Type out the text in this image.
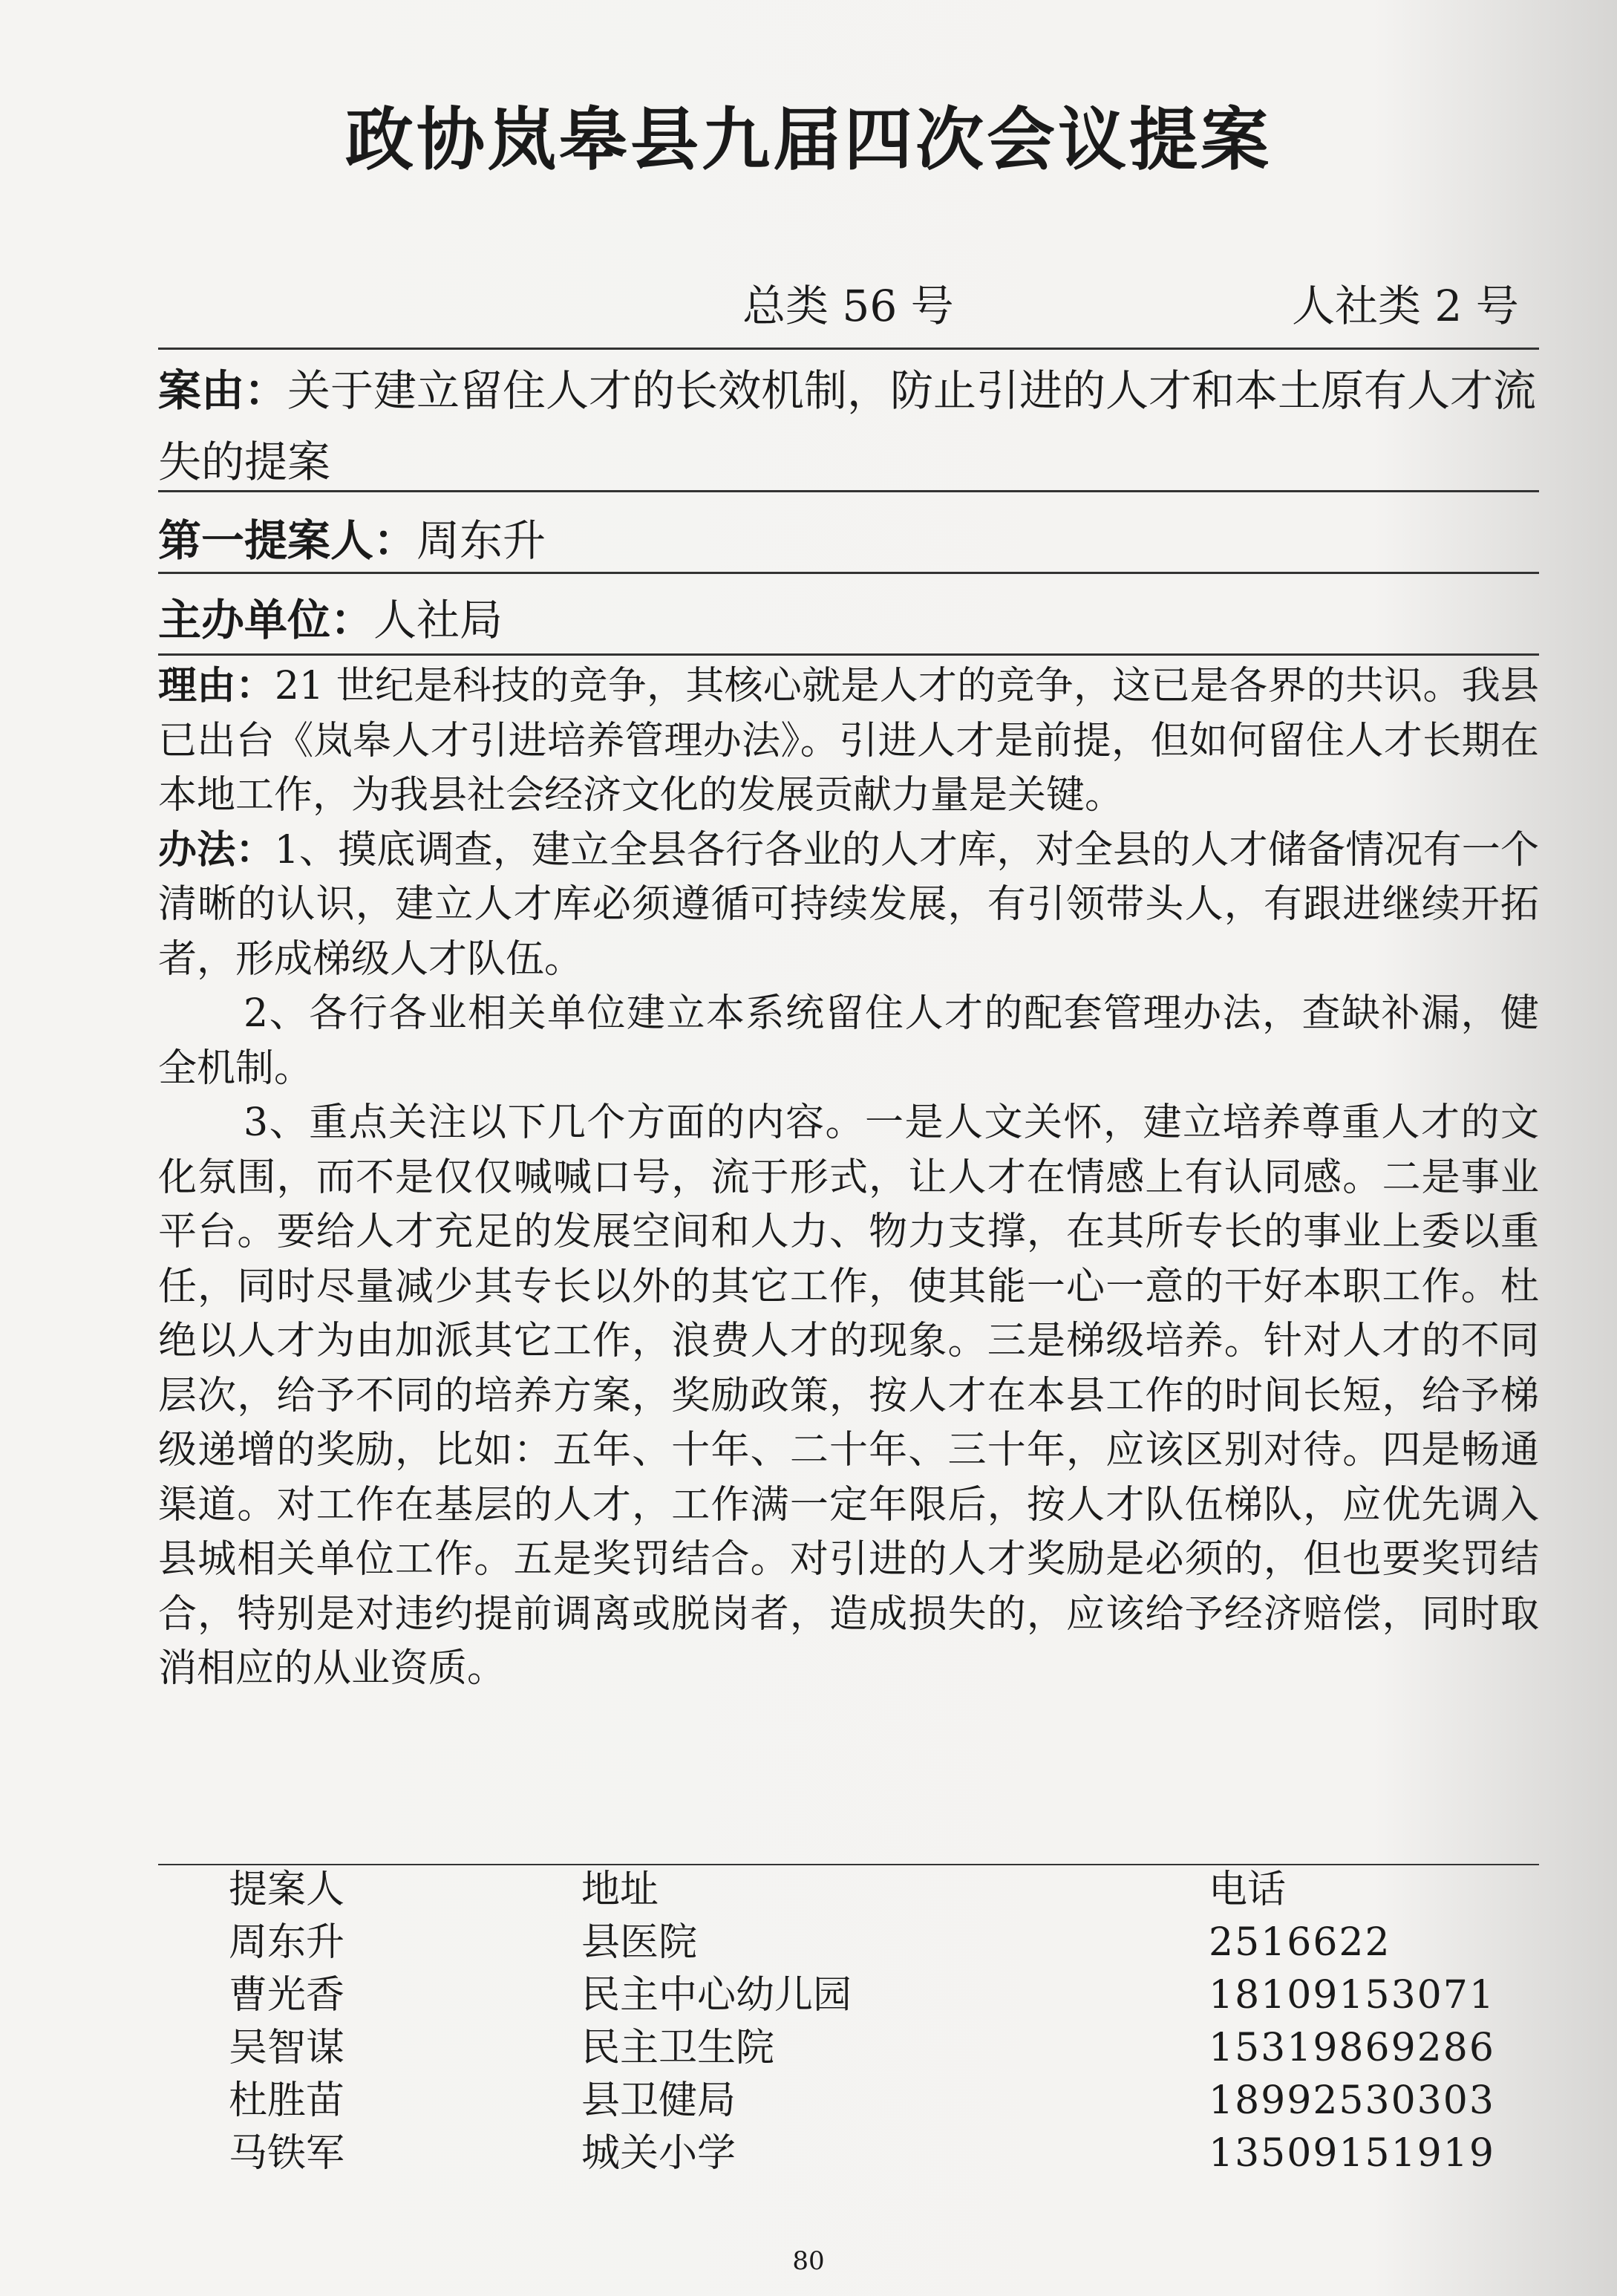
政协岚皋县九届四次会议提案
总类 56 号	人社类 2 号
案由：关于建立留住人才的长效机制，防止引进的人才和本土原有人才流失的提案
第一提案人：周东升
主办单位：人社局

理由：21 世纪是科技的竞争，其核心就是人才的竞争，这已是各界的共识。我县已出台《岚皋人才引进培养管理办法》。引进人才是前提，但如何留住人才长期在本地工作，为我县社会经济文化的发展贡献力量是关键。

办法：1、摸底调查，建立全县各行各业的人才库，对全县的人才储备情况有一个清晰的认识，建立人才库必须遵循可持续发展，有引领带头人，有跟进继续开拓者，形成梯级人才队伍。

2、各行各业相关单位建立本系统留住人才的配套管理办法，查缺补漏，健全机制。

3、重点关注以下几个方面的内容。一是人文关怀，建立培养尊重人才的文化氛围，而不是仅仅喊喊口号，流于形式，让人才在情感上有认同感。二是事业平台。要给人才充足的发展空间和人力、物力支撑，在其所专长的事业上委以重任，同时尽量减少其专长以外的其它工作，使其能一心一意的干好本职工作。杜绝以人才为由加派其它工作，浪费人才的现象。三是梯级培养。针对人才的不同层次，给予不同的培养方案，奖励政策，按人才在本县工作的时间长短，给予梯级递增的奖励，比如：五年、十年、二十年、三十年，应该区别对待。四是畅通渠道。对工作在基层的人才，工作满一定年限后，按人才队伍梯队，应优先调入县城相关单位工作。五是奖罚结合。对引进的人才奖励是必须的，但也要奖罚结合，特别是对违约提前调离或脱岗者，造成损失的，应该给予经济赔偿，同时取消相应的从业资质。

提案人	地址	电话
周东升	县医院	2516622
曹光香	民主中心幼儿园	18109153071
吴智谋	民主卫生院	15319869286
杜胜苗	县卫健局	18992530303
马铁军	城关小学	13509151919
80
